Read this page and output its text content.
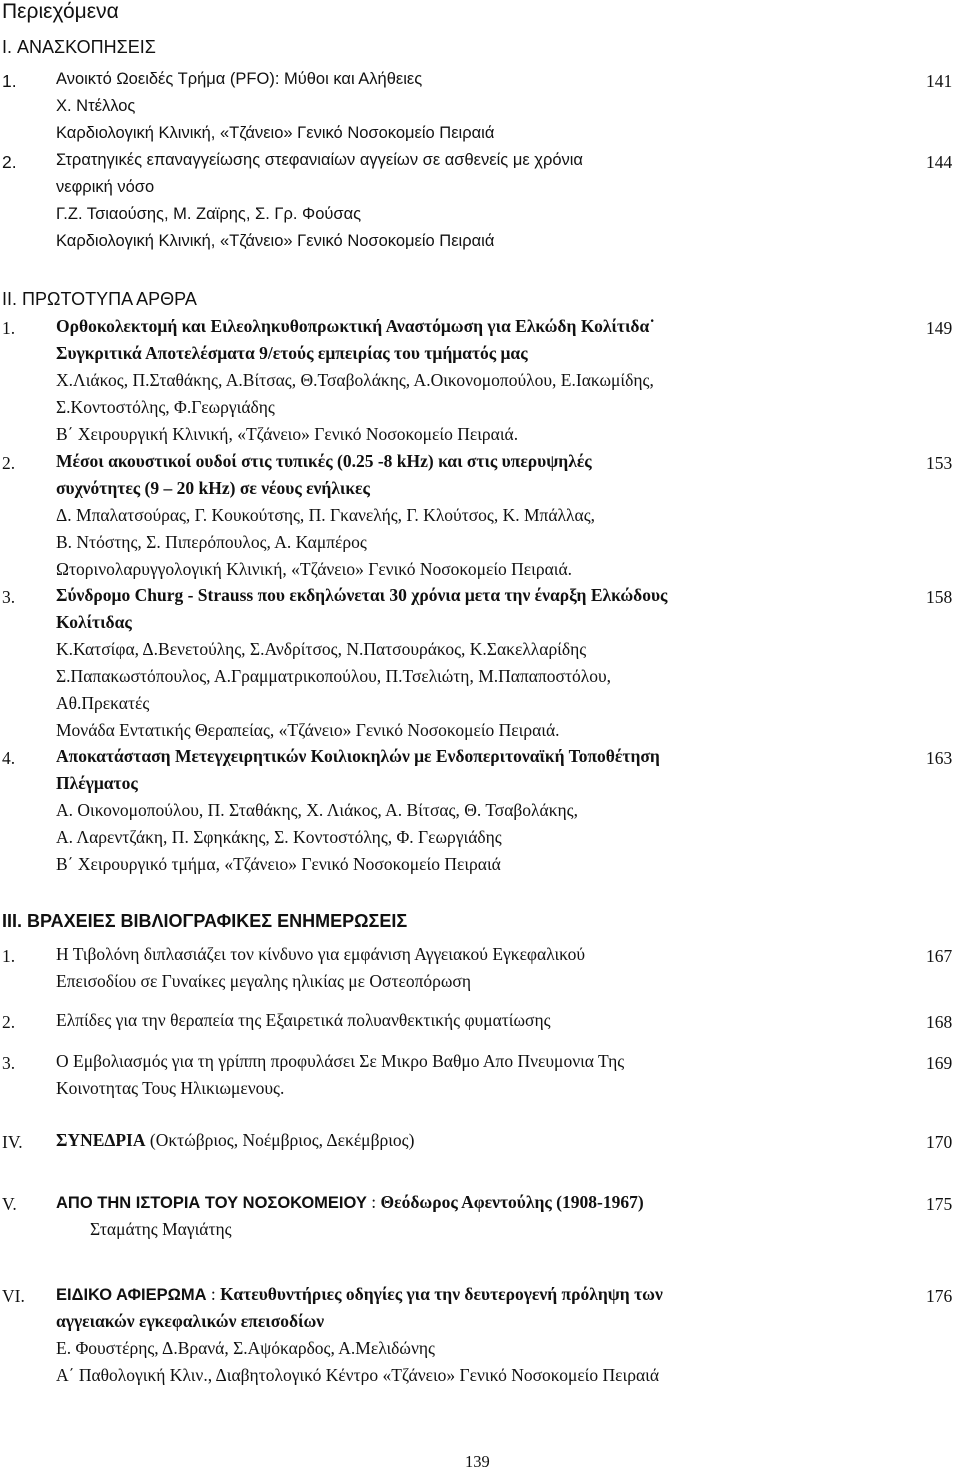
Περιεχόμενα
I. ΑΝΑΣΚΟΠΗΣΕΙΣ
1. Ανοικτό Ωοειδές Τρήμα (PFO): Μύθοι και Αλήθειες
Χ. Ντέλλος
Καρδιολογική Κλινική, «Τζάνειο» Γενικό Νοσοκομείο Πειραιά
141
2. Στρατηγικές επαναγγείωσης στεφανιαίων αγγείων σε ασθενείς με χρόνια
νεφρική νόσο
Γ.Ζ. Τσιαούσης, Μ. Ζαϊρης, Σ. Γρ. Φούσας
Καρδιολογική Κλινική, «Τζάνειο» Γενικό Νοσοκομείο Πειραιά
144
II. ΠΡΩΤΟΤΥΠΑ ΑΡΘΡΑ
1. Ορθοκολεκτομή και Ειλεοληκυθοπρωκτική Αναστόμωση για Ελκώδη Κολίτιδα˙
Συγκριτικά Αποτελέσματα 9/ετούς εμπειρίας του τμήματός μας
Χ.Λιάκος, Π.Σταθάκης, Α.Βίτσας, Θ.Τσαβολάκης, Α.Οικονομοπούλου, Ε.Ιακωμίδης,
Σ.Κοντοστόλης, Φ.Γεωργιάδης
Β΄ Χειρουργική Κλινική, «Τζάνειο» Γενικό Νοσοκομείο Πειραιά.
149
2. Μέσοι ακουστικοί ουδοί στις τυπικές (0.25 -8 kHz) και στις υπερυψηλές
συχνότητες (9 – 20 kHz) σε νέους ενήλικες
Δ. Μπαλατσούρας, Γ. Κουκούτσης, Π. Γκανελής, Γ. Κλούτσος, Κ. Μπάλλας,
Β. Ντόστης, Σ. Πιπερόπουλος, Α. Καμπέρος
Ωτορινολαρυγγολογική Κλινική, «Τζάνειο» Γενικό Νοσοκομείο Πειραιά.
153
3. Σύνδρομο Churg - Strauss που εκδηλώνεται 30 χρόνια μετα την έναρξη Ελκώδους
Κολίτιδας
Κ.Κατσίφα, Δ.Βενετούλης, Σ.Ανδρίτσος, Ν.Πατσουράκος, Κ.Σακελλαρίδης
Σ.Παπακωστόπουλος, Α.Γραμματρικοπούλου, Π.Τσελιώτη, Μ.Παπαποστόλου,
Αθ.Πρεκατές
Μονάδα Εντατικής Θεραπείας, «Τζάνειο» Γενικό Νοσοκομείο Πειραιά.
158
4. Αποκατάσταση Μετεγχειρητικών Κοιλιοκηλών με Ενδοπεριτοναϊκή Τοποθέτηση
Πλέγματος
Α. Οικονομοπούλου, Π. Σταθάκης, Χ. Λιάκος, Α. Βίτσας, Θ. Τσαβολάκης,
Α. Λαρεντζάκη, Π. Σφηκάκης, Σ. Κοντοστόλης, Φ. Γεωργιάδης
Β΄ Χειρουργικό τμήμα, «Τζάνειο» Γενικό Νοσοκομείο Πειραιά
163
III. ΒΡΑΧΕΙΕΣ ΒΙΒΛΙΟΓΡΑΦΙΚΕΣ ΕΝΗΜΕΡΩΣΕΙΣ
1. Η Τιβολόνη διπλασιάζει τον κίνδυνο για εμφάνιση Αγγειακού Εγκεφαλικού
Επεισοδίου σε Γυναίκες μεγαλης ηλικίας με Οστεοπόρωση
167
2. Ελπίδες για την θεραπεία της Εξαιρετικά πολυανθεκτικής φυματίωσης	168
3. Ο Εμβολιασμός για τη γρίππη προφυλάσει Σε Μικρο Βαθμο Απο Πνευμονια Της
Κοινοτητας Τους Ηλικιωμενους.
169
IV. ΣΥΝΕΔΡΙΑ (Οκτώβριος, Νοέμβριος, Δεκέμβριος)	170
V. ΑΠΟ ΤΗΝ ΙΣΤΟΡΙΑ ΤΟΥ ΝΟΣΟΚΟΜΕΙΟΥ : Θεόδωρος Αφεντούλης (1908-1967)
Σταμάτης Μαγιάτης
175
VI. ΕΙΔΙΚΟ ΑΦΙΕΡΩΜΑ : Κατευθυντήριες οδηγίες για την δευτερογενή πρόληψη των
αγγειακών εγκεφαλικών επεισοδίων
Ε. Φουστέρης, Δ.Βρανά, Σ.Αψόκαρδος, Α.Μελιδώνης
Α΄ Παθολογική Κλιν., Διαβητολογικό Κέντρο «Τζάνειο» Γενικό Νοσοκομείο Πειραιά
176
139
